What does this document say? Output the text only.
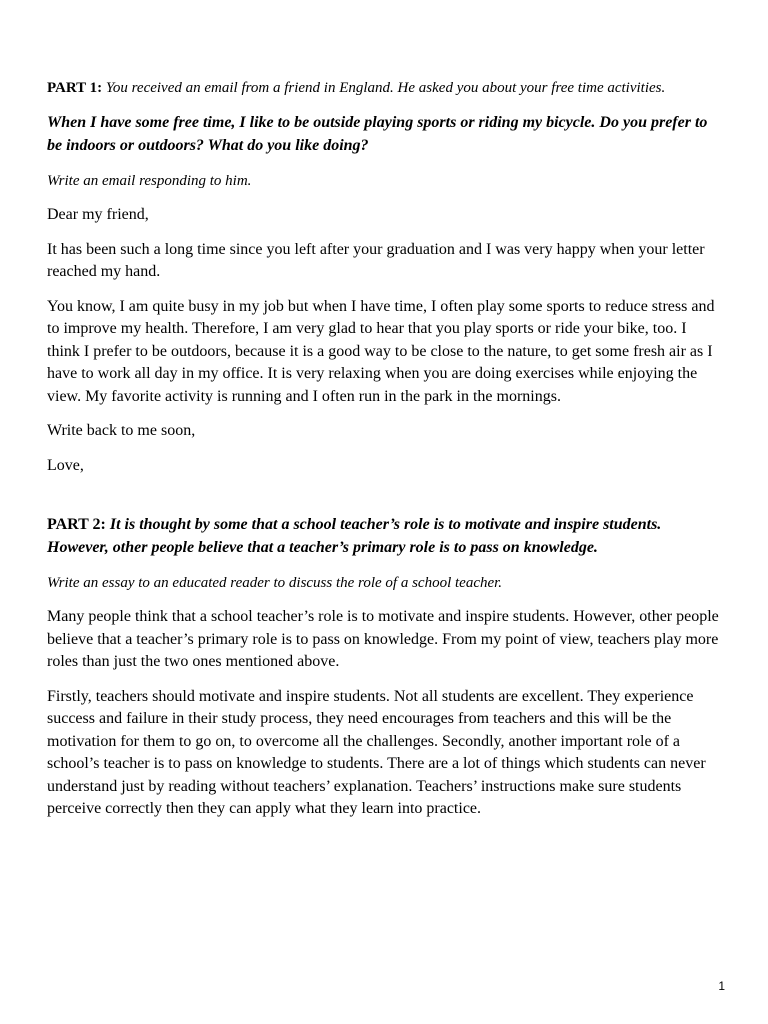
PART 1: You received an email from a friend in England. He asked you about your free time activities.

When I have some free time, I like to be outside playing sports or riding my bicycle. Do you prefer to be indoors or outdoors? What do you like doing?

Write an email responding to him.

Dear my friend,

It has been such a long time since you left after your graduation and I was very happy when your letter reached my hand.

You know, I am quite busy in my job but when I have time, I often play some sports to reduce stress and to improve my health. Therefore, I am very glad to hear that you play sports or ride your bike, too. I think I prefer to be outdoors, because it is a good way to be close to the nature, to get some fresh air as I have to work all day in my office. It is very relaxing when you are doing exercises while enjoying the view. My favorite activity is running and I often run in the park in the mornings.

Write back to me soon,

Love,

PART 2: It is thought by some that a school teacher’s role is to motivate and inspire students. However, other people believe that a teacher’s primary role is to pass on knowledge.

Write an essay to an educated reader to discuss the role of a school teacher.

Many people think that a school teacher’s role is to motivate and inspire students. However, other people believe that a teacher’s primary role is to pass on knowledge. From my point of view, teachers play more roles than just the two ones mentioned above.

Firstly, teachers should motivate and inspire students. Not all students are excellent. They experience success and failure in their study process, they need encourages from teachers and this will be the motivation for them to go on, to overcome all the challenges. Secondly, another important role of a school’s teacher is to pass on knowledge to students. There are a lot of things which students can never understand just by reading without teachers’ explanation. Teachers’ instructions make sure students perceive correctly then they can apply what they learn into practice.

1
